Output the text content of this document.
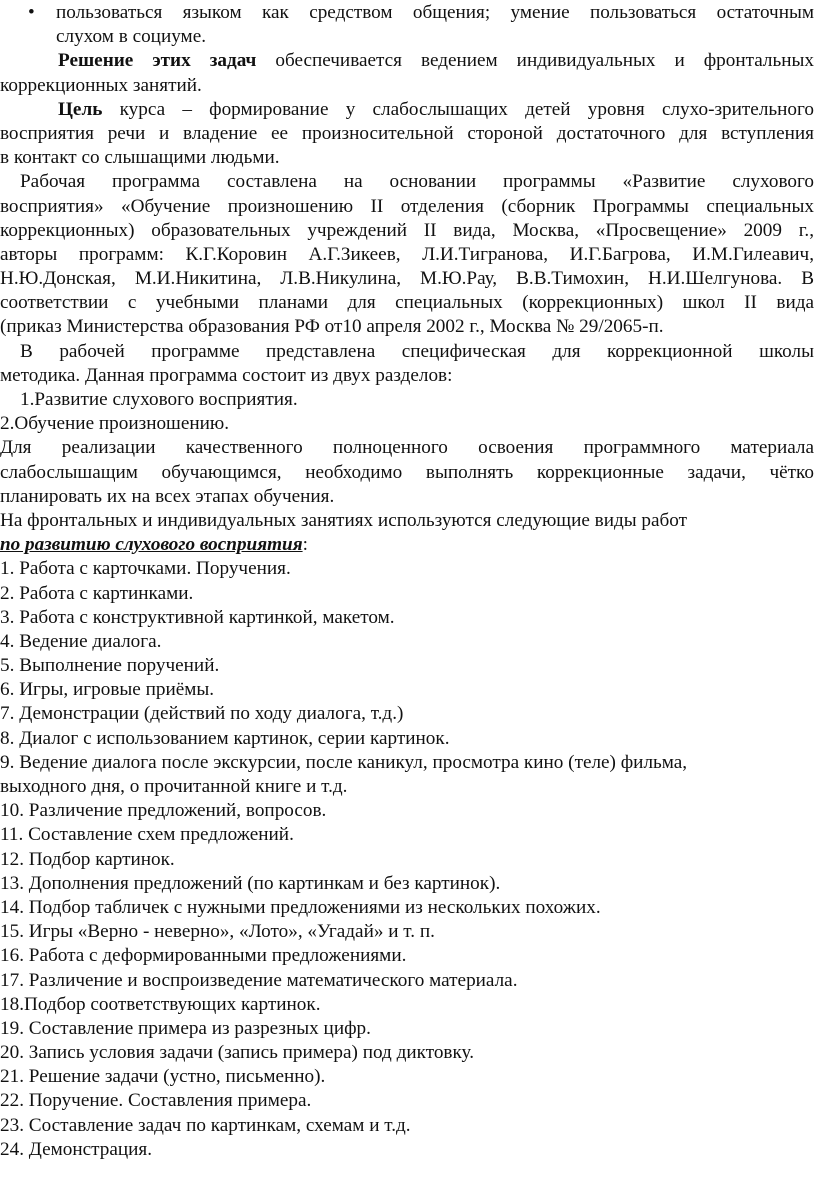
• пользоваться языком как средством общения; умение пользоваться остаточным
слухом в социуме.
Решение этих задач обеспечивается ведением индивидуальных и фронтальных
коррекционных занятий.
Цель курса – формирование у слабослышащих детей уровня слухо-зрительного
восприятия речи и владение ее произносительной стороной достаточного для вступления
в контакт со слышащими людьми.
Рабочая программа составлена на основании программы «Развитие слухового
восприятия» «Обучение произношению II отделения (сборник Программы специальных
коррекционных) образовательных учреждений II вида, Москва, «Просвещение» 2009 г.,
авторы программ: К.Г.Коровин А.Г.Зикеев, Л.И.Тигранова, И.Г.Багрова, И.М.Гилеавич,
Н.Ю.Донская, М.И.Никитина, Л.В.Никулина, М.Ю.Рау, В.В.Тимохин, Н.И.Шелгунова. В
соответствии с учебными планами для специальных (коррекционных) школ II вида
(приказ Министерства образования РФ от10 апреля 2002 г., Москва № 29/2065-п.
В рабочей программе представлена специфическая для коррекционной школы
методика. Данная программа состоит из двух разделов:
1.Развитие слухового восприятия.
2.Обучение произношению.
Для реализации качественного полноценного освоения программного материала
слабослышащим обучающимся, необходимо выполнять коррекционные задачи, чётко
планировать их на всех этапах обучения.
На фронтальных и индивидуальных занятиях используются следующие виды работ
по развитию слухового восприятия:
1. Работа с карточками. Поручения.
2. Работа с картинками.
3. Работа с конструктивной картинкой, макетом.
4. Ведение диалога.
5. Выполнение поручений.
6. Игры, игровые приёмы.
7. Демонстрации (действий по ходу диалога, т.д.)
8. Диалог с использованием картинок, серии картинок.
9. Ведение диалога после экскурсии, после каникул, просмотра кино (теле) фильма,
выходного дня, о прочитанной книге и т.д.
10. Различение предложений, вопросов.
11. Составление схем предложений.
12. Подбор картинок.
13. Дополнения предложений (по картинкам и без картинок).
14. Подбор табличек с нужными предложениями из нескольких похожих.
15. Игры «Верно - неверно», «Лото», «Угадай» и т. п.
16. Работа с деформированными предложениями.
17. Различение и воспроизведение математического материала.
18.Подбор соответствующих картинок.
19. Составление примера из разрезных цифр.
20. Запись условия задачи (запись примера) под диктовку.
21. Решение задачи (устно, письменно).
22. Поручение. Составления примера.
23. Составление задач по картинкам, схемам и т.д.
24. Демонстрация.
